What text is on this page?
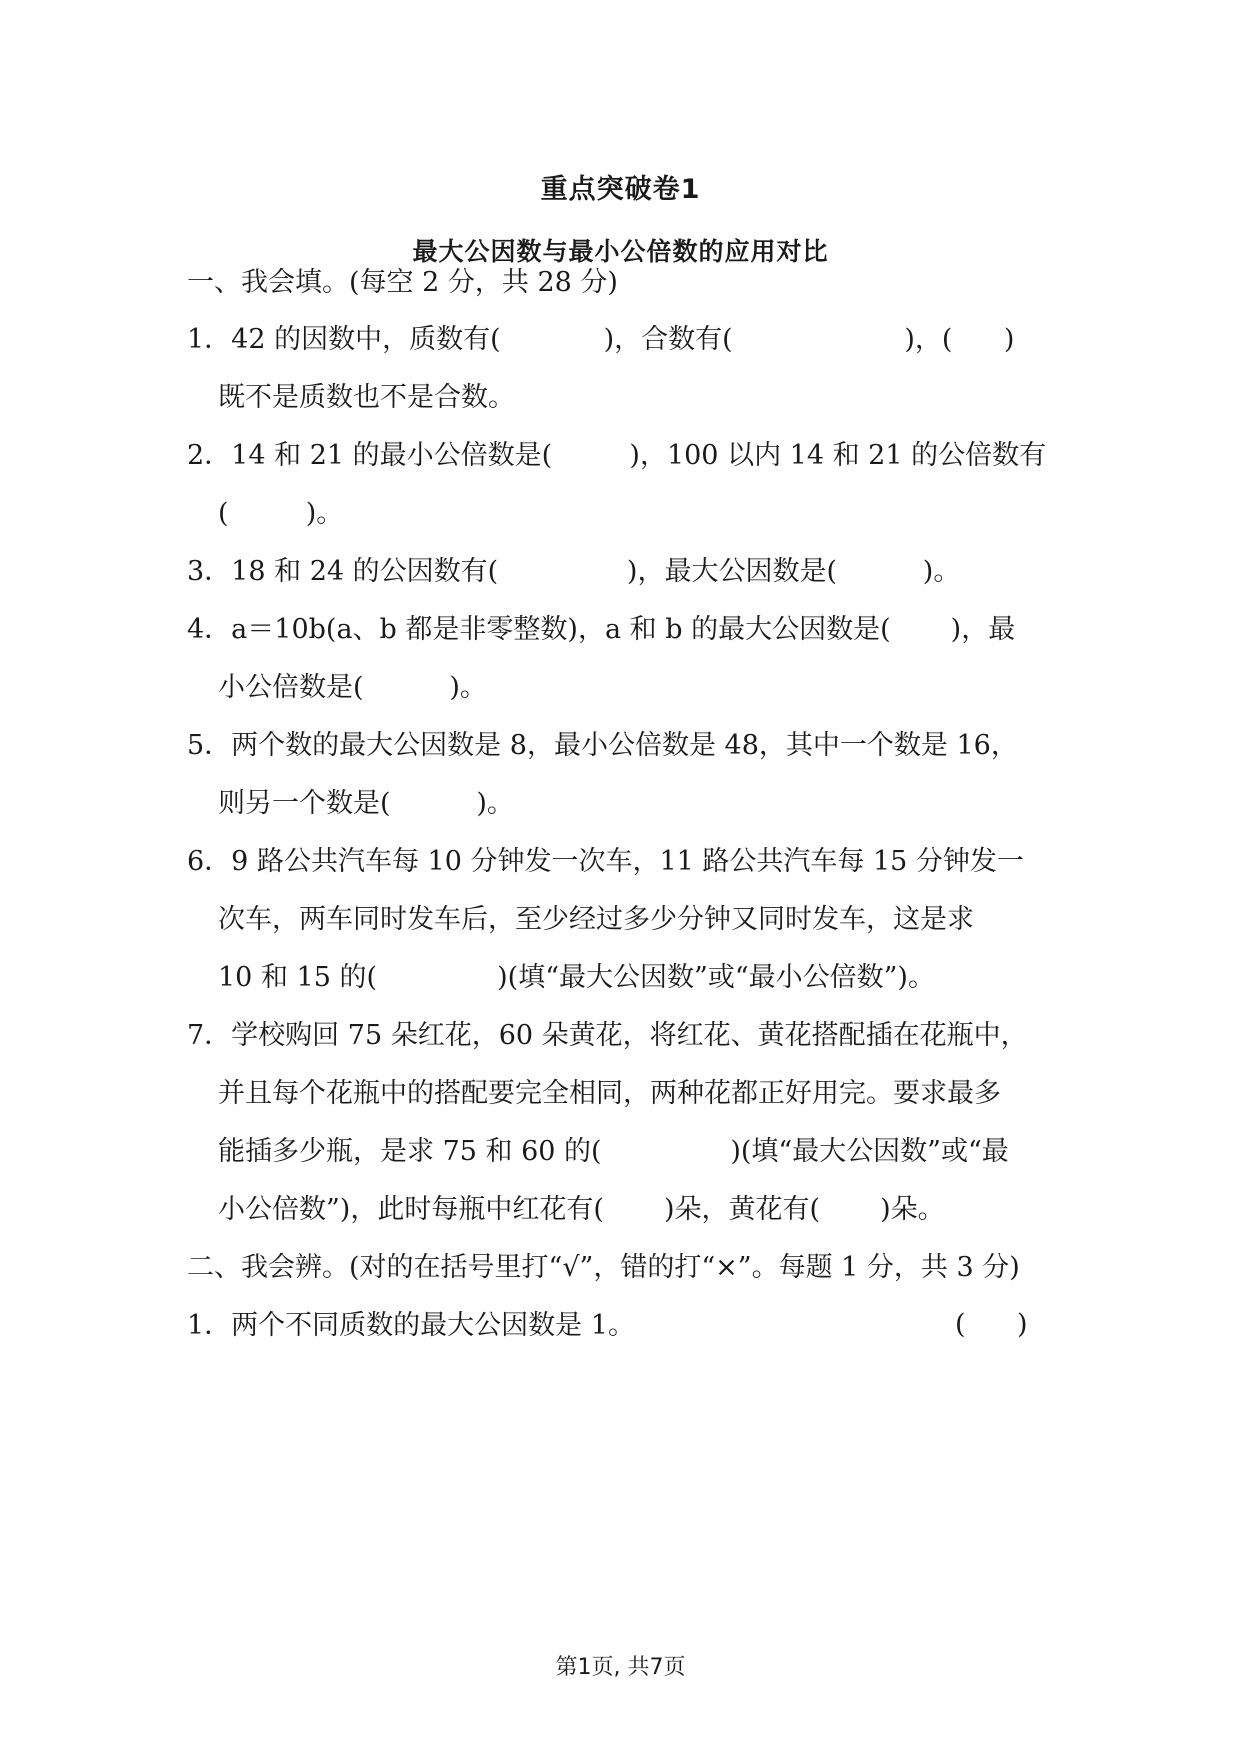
重点突破卷1
最大公因数与最小公倍数的应用对比
一、我会填。(每空 2 分，共 28 分)
1．42 的因数中，质数有(            )，合数有(                    )，(      )
既不是质数也不是合数。
2．14 和 21 的最小公倍数是(         )，100 以内 14 和 21 的公倍数有
(         )。
3．18 和 24 的公因数有(               )，最大公因数是(          )。
4．a＝10b(a、b 都是非零整数)，a 和 b 的最大公因数是(       )，最
小公倍数是(          )。
5．两个数的最大公因数是 8，最小公倍数是 48，其中一个数是 16，
则另一个数是(          )。
6．9 路公共汽车每 10 分钟发一次车，11 路公共汽车每 15 分钟发一
次车，两车同时发车后，至少经过多少分钟又同时发车，这是求
10 和 15 的(              )(填“最大公因数”或“最小公倍数”)。
7．学校购回 75 朵红花，60 朵黄花，将红花、黄花搭配插在花瓶中，
并且每个花瓶中的搭配要完全相同，两种花都正好用完。要求最多
能插多少瓶，是求 75 和 60 的(               )(填“最大公因数”或“最
小公倍数”)，此时每瓶中红花有(       )朵，黄花有(       )朵。
二、我会辨。(对的在括号里打“√”，错的打“×”。每题 1 分，共 3 分)
1．两个不同质数的最大公因数是 1。	(      )
第1页, 共7页
